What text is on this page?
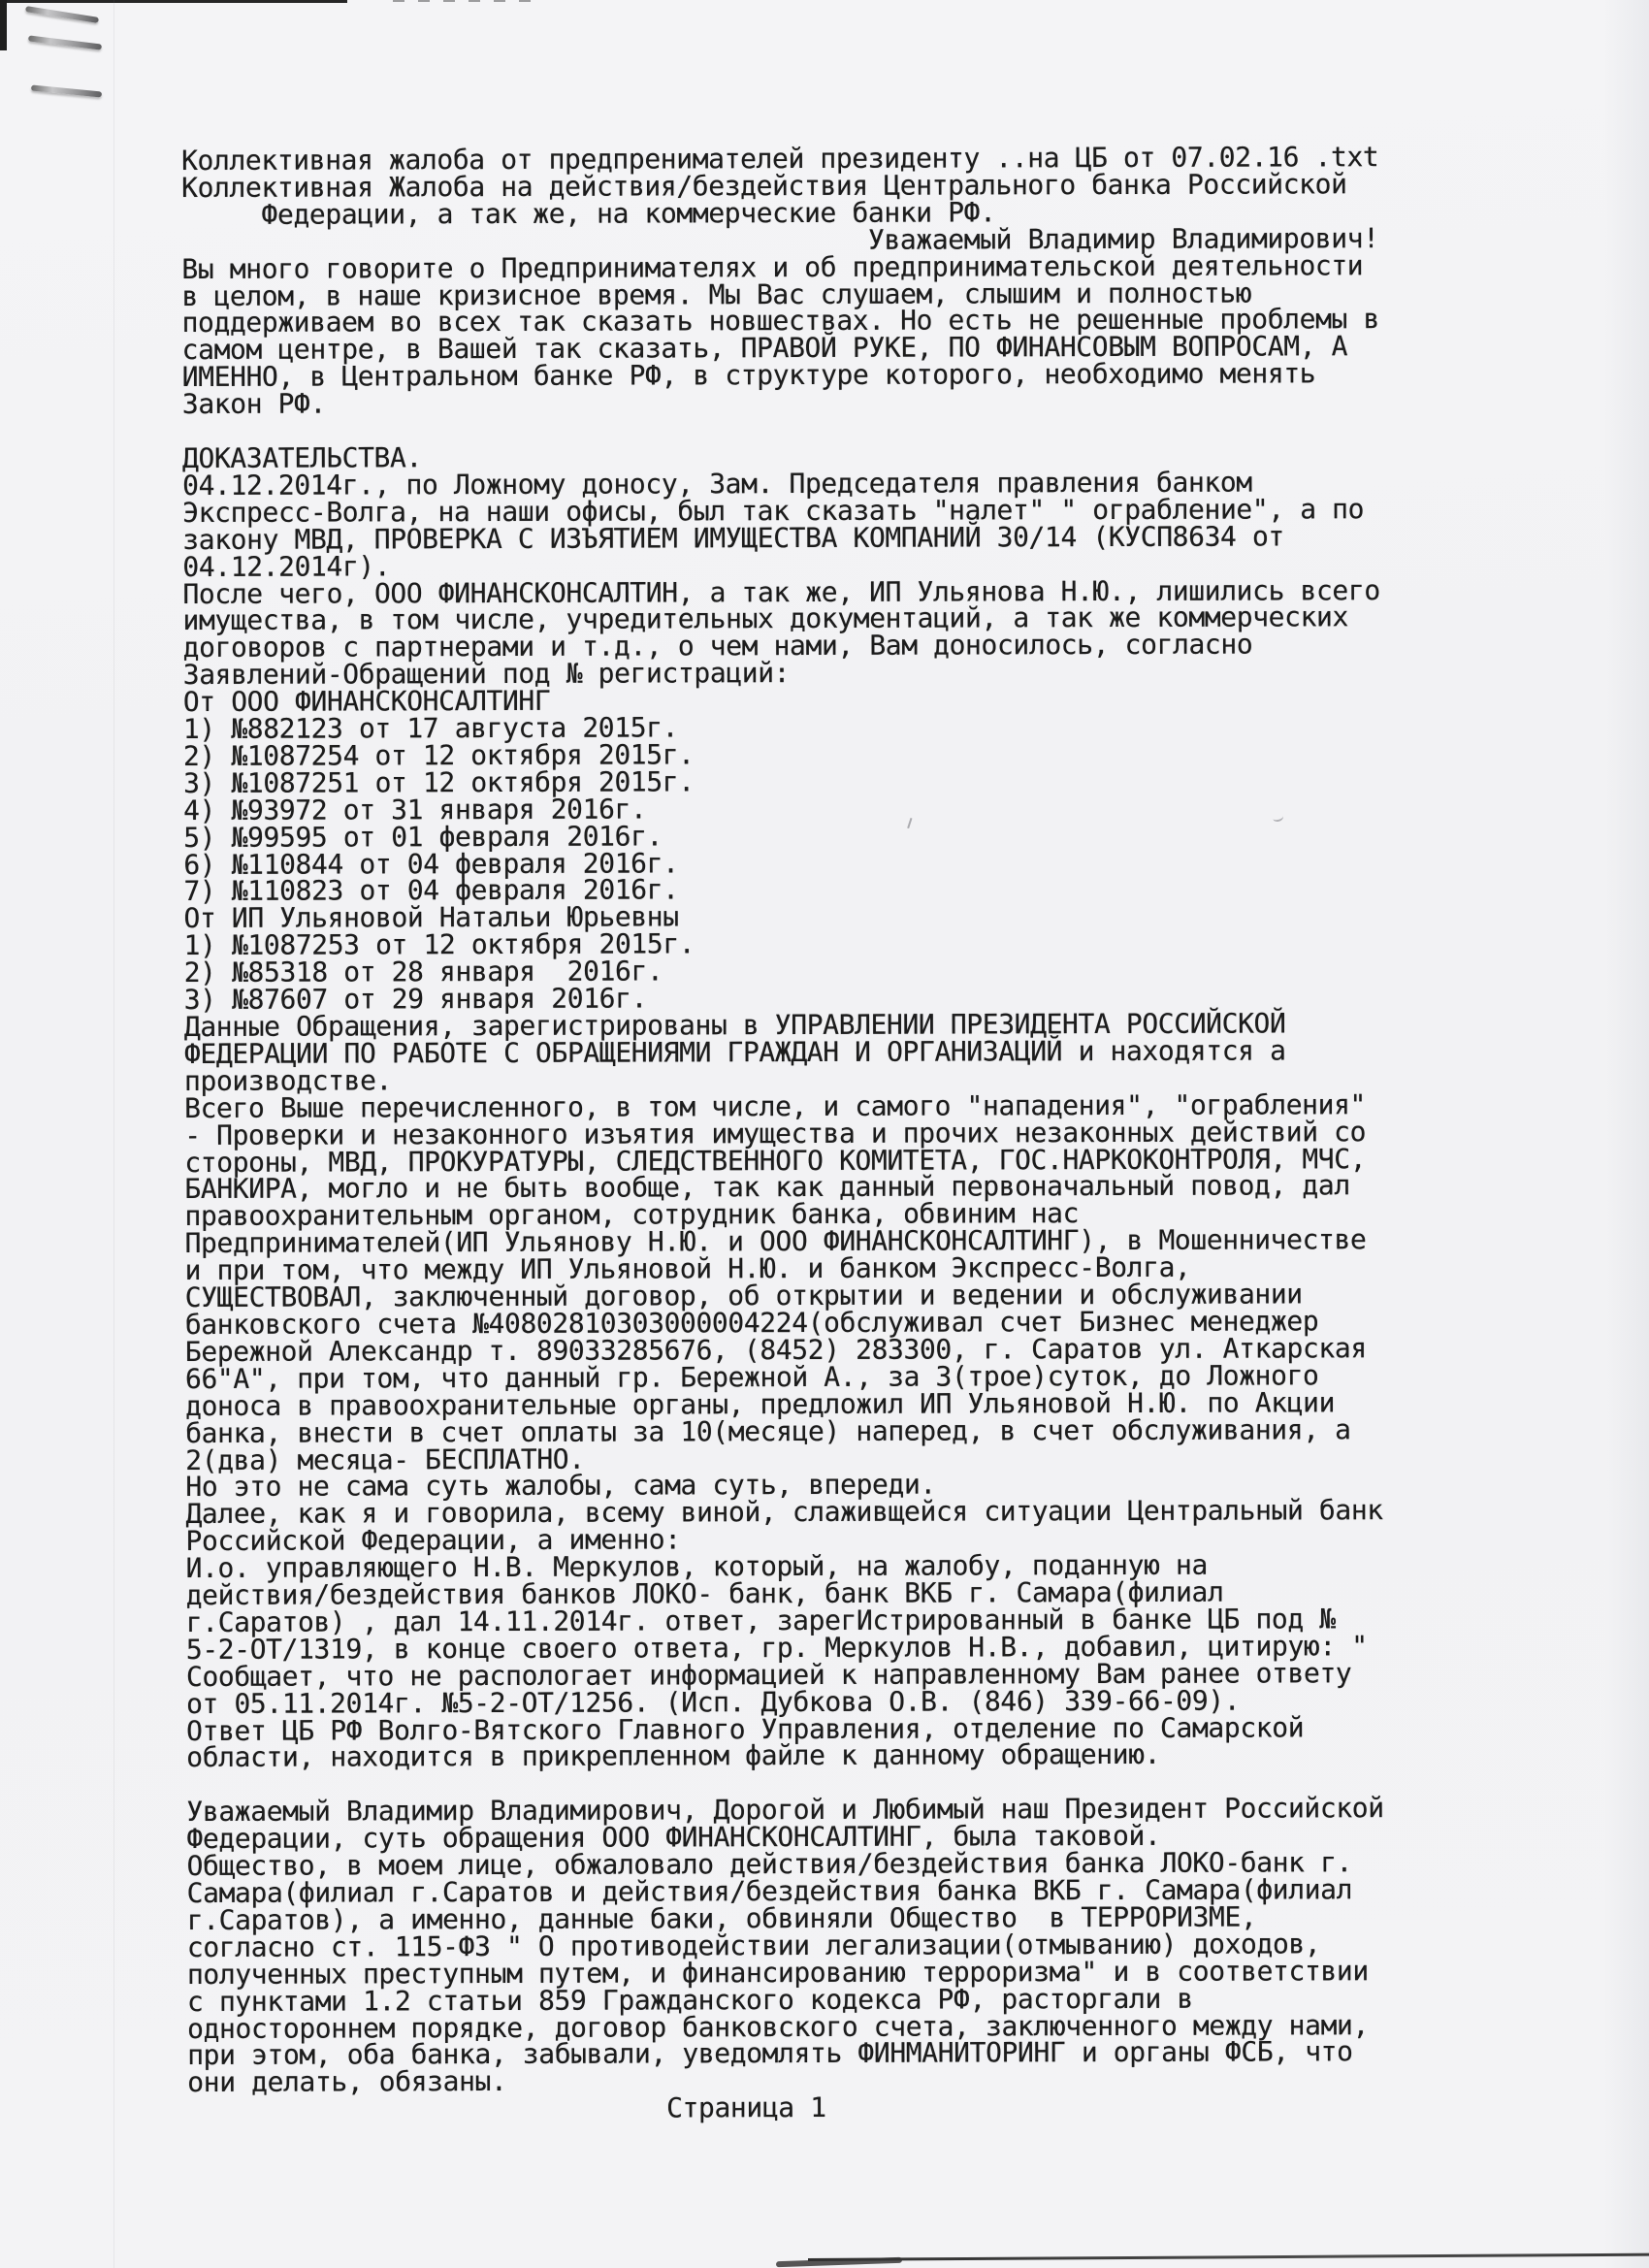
Коллективная жалоба от предпренимателей президенту ..на ЦБ от 07.02.16 .txt
Коллективная Жалоба на действия/бездействия Центрального банка Российской
Федерации, а так же, на коммерческие банки РФ.
Уважаемый Владимир Владимирович!
Вы много говорите о Предпринимателях и об предпринимательской деятельности
в целом, в наше кризисное время. Мы Вас слушаем, слышим и полностью
поддерживаем во всех так сказать новшествах. Но есть не решенные проблемы в
самом центре, в Вашей так сказать, ПРАВОЙ РУКЕ, ПО ФИНАНСОВЫМ ВОПРОСАМ, А
ИМЕННО, в Центральном банке РФ, в структуре которого, необходимо менять
Закон РФ.

ДОКАЗАТЕЛЬСТВА.
04.12.2014г., по Ложному доносу, Зам. Председателя правления банком
Экспресс-Волга, на наши офисы, был так сказать "налет" " ограбление", а по
закону МВД, ПРОВЕРКА С ИЗЪЯТИЕМ ИМУЩЕСТВА КОМПАНИЙ 30/14 (КУСП8634 от
04.12.2014г).
После чего, ООО ФИНАНСКОНСАЛТИН, а так же, ИП Ульянова Н.Ю., лишились всего
имущества, в том числе, учредительных документаций, а так же коммерческих
договоров с партнерами и т.д., о чем нами, Вам доносилось, согласно
Заявлений-Обращений под № регистраций:
От ООО ФИНАНСКОНСАЛТИНГ
1) №882123 от 17 августа 2015г.
2) №1087254 от 12 октября 2015г.
3) №1087251 от 12 октября 2015г.
4) №93972 от 31 января 2016г.
5) №99595 от 01 февраля 2016г.
6) №110844 от 04 февраля 2016г.
7) №110823 от 04 февраля 2016г.
От ИП Ульяновой Натальи Юрьевны
1) №1087253 от 12 октября 2015г.
2) №85318 от 28 января  2016г.
3) №87607 от 29 января 2016г.
Данные Обращения, зарегистрированы в УПРАВЛЕНИИ ПРЕЗИДЕНТА РОССИЙСКОЙ
ФЕДЕРАЦИИ ПО РАБОТЕ С ОБРАЩЕНИЯМИ ГРАЖДАН И ОРГАНИЗАЦИЙ и находятся а
производстве.
Всего Выше перечисленного, в том числе, и самого "нападения", "ограбления"
- Проверки и незаконного изъятия имущества и прочих незаконных действий со
стороны, МВД, ПРОКУРАТУРЫ, СЛЕДСТВЕННОГО КОМИТЕТА, ГОС.НАРКОКОНТРОЛЯ, МЧС,
БАНКИРА, могло и не быть вообще, так как данный первоначальный повод, дал
правоохранительным органом, сотрудник банка, обвиним нас
Предпринимателей(ИП Ульянову Н.Ю. и ООО ФИНАНСКОНСАЛТИНГ), в Мошенничестве
и при том, что между ИП Ульяновой Н.Ю. и банком Экспресс-Волга,
СУЩЕСТВОВАЛ, заключенный договор, об открытии и ведении и обслуживании
банковского счета №40802810303000004224(обслуживал счет Бизнес менеджер
Бережной Александр т. 89033285676, (8452) 283300, г. Саратов ул. Аткарская
66"А", при том, что данный гр. Бережной А., за 3(трое)суток, до Ложного
доноса в правоохранительные органы, предложил ИП Ульяновой Н.Ю. по Акции
банка, внести в счет оплаты за 10(месяце) наперед, в счет обслуживания, а
2(два) месяца- БЕСПЛАТНО.
Но это не сама суть жалобы, сама суть, впереди.
Далее, как я и говорила, всему виной, слаживщейся ситуации Центральный банк
Российской Федерации, а именно:
И.о. управляющего Н.В. Меркулов, который, на жалобу, поданную на
действия/бездействия банков ЛОКО- банк, банк ВКБ г. Самара(филиал
г.Саратов) , дал 14.11.2014г. ответ, зарегИстрированный в банке ЦБ под №
5-2-ОТ/1319, в конце своего ответа, гр. Меркулов Н.В., добавил, цитирую: "
Сообщает, что не распологает информацией к направленному Вам ранее ответу
от 05.11.2014г. №5-2-ОТ/1256. (Исп. Дубкова О.В. (846) 339-66-09).
Ответ ЦБ РФ Волго-Вятского Главного Управления, отделение по Самарской
области, находится в прикрепленном файле к данному обращению.

Уважаемый Владимир Владимирович, Дорогой и Любимый наш Президент Российской
Федерации, суть обращения ООО ФИНАНСКОНСАЛТИНГ, была таковой.
Общество, в моем лице, обжаловало действия/бездействия банка ЛОКО-банк г.
Самара(филиал г.Саратов и действия/бездействия банка ВКБ г. Самара(филиал
г.Саратов), а именно, данные баки, обвиняли Общество  в ТЕРРОРИЗМЕ,
согласно ст. 115-ФЗ " О противодействии легализации(отмыванию) доходов,
полученных преступным путем, и финансированию терроризма" и в соответствии
с пунктами 1.2 статьи 859 Гражданского кодекса РФ, расторгали в
одностороннем порядке, договор банковского счета, заключенного между нами,
при этом, оба банка, забывали, уведомлять ФИНМАНИТОРИНГ и органы ФСБ, что
они делать, обязаны.
Страница 1
